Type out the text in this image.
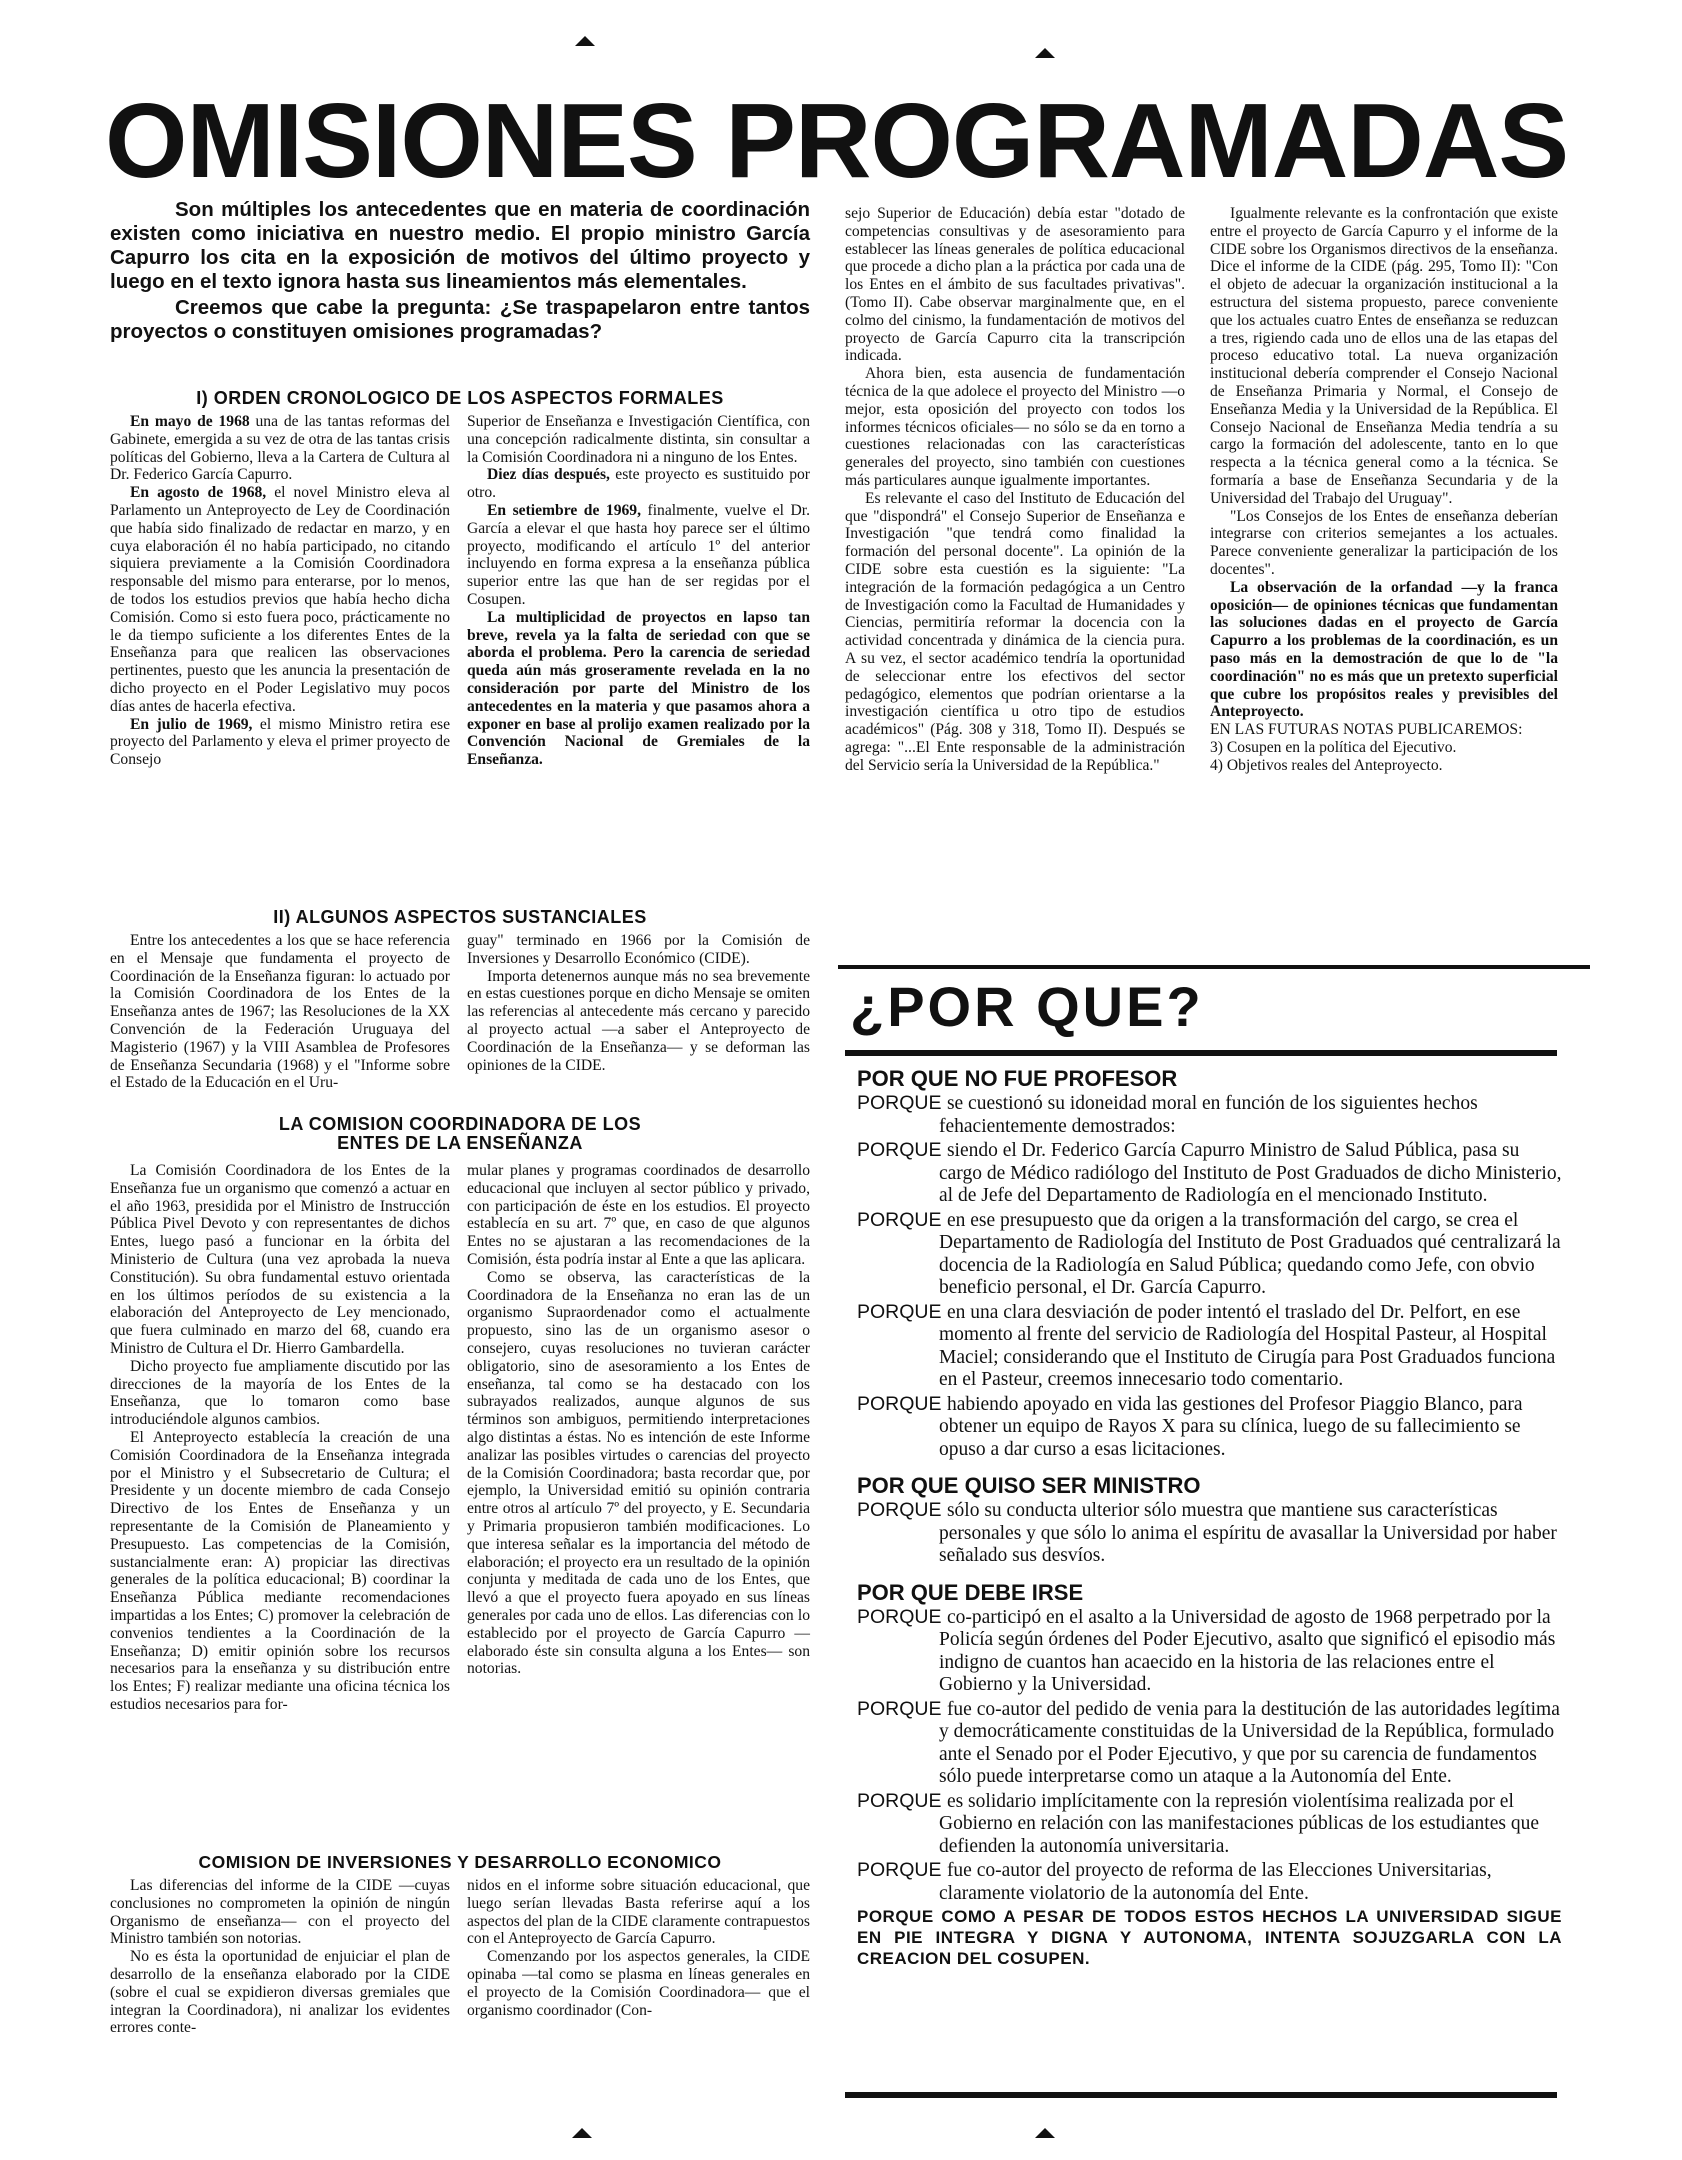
OMISIONES PROGRAMADAS

Son múltiples los antecedentes que en materia de coordinación existen como iniciativa en nuestro medio. El propio ministro García Capurro los cita en la exposición de motivos del último proyecto y luego en el texto ignora hasta sus lineamientos más elementales.

Creemos que cabe la pregunta: ¿Se traspapelaron entre tantos proyectos o constituyen omisiones programadas?

I) ORDEN CRONOLOGICO DE LOS ASPECTOS FORMALES

En mayo de 1968 una de las tantas reformas del Gabinete, emergida a su vez de otra de las tantas crisis políticas del Gobierno, lleva a la Cartera de Cultura al Dr. Federico García Capurro.

En agosto de 1968, el novel Ministro eleva al Parlamento un Anteproyecto de Ley de Coordinación que había sido finalizado de redactar en marzo, y en cuya elaboración él no había participado, no citando siquiera previamente a la Comisión Coordinadora responsable del mismo para enterarse, por lo menos, de todos los estudios previos que había hecho dicha Comisión. Como si esto fuera poco, prácticamente no le da tiempo suficiente a los diferentes Entes de la Enseñanza para que realicen las observaciones pertinentes, puesto que les anuncia la presentación de dicho proyecto en el Poder Legislativo muy pocos días antes de hacerla efectiva.

En julio de 1969, el mismo Ministro retira ese proyecto del Parlamento y eleva el primer proyecto de Consejo

Superior de Enseñanza e Investigación Científica, con una concepción radicalmente distinta, sin consultar a la Comisión Coordinadora ni a ninguno de los Entes.

Diez días después, este proyecto es sustituido por otro.

En setiembre de 1969, finalmente, vuelve el Dr. García a elevar el que hasta hoy parece ser el último proyecto, modificando el artículo 1º del anterior incluyendo en forma expresa a la enseñanza pública superior entre las que han de ser regidas por el Cosupen.

La multiplicidad de proyectos en lapso tan breve, revela ya la falta de seriedad con que se aborda el problema. Pero la carencia de seriedad queda aún más groseramente revelada en la no consideración por parte del Ministro de los antecedentes en la materia y que pasamos ahora a exponer en base al prolijo examen realizado por la Convención Nacional de Gremiales de la Enseñanza.

II) ALGUNOS ASPECTOS SUSTANCIALES

Entre los antecedentes a los que se hace referencia en el Mensaje que fundamenta el proyecto de Coordinación de la Enseñanza figuran: lo actuado por la Comisión Coordinadora de los Entes de la Enseñanza antes de 1967; las Resoluciones de la XX Convención de la Federación Uruguaya del Magisterio (1967) y la VIII Asamblea de Profesores de Enseñanza Secundaria (1968) y el "Informe sobre el Estado de la Educación en el Uru-

guay" terminado en 1966 por la Comisión de Inversiones y Desarrollo Económico (CIDE).

Importa detenernos aunque más no sea brevemente en estas cuestiones porque en dicho Mensaje se omiten las referencias al antecedente más cercano y parecido al proyecto actual —a saber el Anteproyecto de Coordinación de la Enseñanza— y se deforman las opiniones de la CIDE.

LA COMISION COORDINADORA DE LOS ENTES DE LA ENSEÑANZA

La Comisión Coordinadora de los Entes de la Enseñanza fue un organismo que comenzó a actuar en el año 1963, presidida por el Ministro de Instrucción Pública Pivel Devoto y con representantes de dichos Entes, luego pasó a funcionar en la órbita del Ministerio de Cultura (una vez aprobada la nueva Constitución). Su obra fundamental estuvo orientada en los últimos períodos de su existencia a la elaboración del Anteproyecto de Ley mencionado, que fuera culminado en marzo del 68, cuando era Ministro de Cultura el Dr. Hierro Gambardella.

Dicho proyecto fue ampliamente discutido por las direcciones de la mayoría de los Entes de la Enseñanza, que lo tomaron como base introduciéndole algunos cambios.

El Anteproyecto establecía la creación de una Comisión Coordinadora de la Enseñanza integrada por el Ministro y el Subsecretario de Cultura; el Presidente y un docente miembro de cada Consejo Directivo de los Entes de Enseñanza y un representante de la Comisión de Planeamiento y Presupuesto. Las competencias de la Comisión, sustancialmente eran: A) propiciar las directivas generales de la política educacional; B) coordinar la Enseñanza Pública mediante recomendaciones impartidas a los Entes; C) promover la celebración de convenios tendientes a la Coordinación de la Enseñanza; D) emitir opinión sobre los recursos necesarios para la enseñanza y su distribución entre los Entes; F) realizar mediante una oficina técnica los estudios necesarios para for-

mular planes y programas coordinados de desarrollo educacional que incluyen al sector público y privado, con participación de éste en los estudios. El proyecto establecía en su art. 7º que, en caso de que algunos Entes no se ajustaran a las recomendaciones de la Comisión, ésta podría instar al Ente a que las aplicara.

Como se observa, las características de la Coordinadora de la Enseñanza no eran las de un organismo Supraordenador como el actualmente propuesto, sino las de un organismo asesor o consejero, cuyas resoluciones no tuvieran carácter obligatorio, sino de asesoramiento a los Entes de enseñanza, tal como se ha destacado con los subrayados realizados, aunque algunos de sus términos son ambiguos, permitiendo interpretaciones algo distintas a éstas. No es intención de este Informe analizar las posibles virtudes o carencias del proyecto de la Comisión Coordinadora; basta recordar que, por ejemplo, la Universidad emitió su opinión contraria entre otros al artículo 7º del proyecto, y E. Secundaria y Primaria propusieron también modificaciones. Lo que interesa señalar es la importancia del método de elaboración; el proyecto era un resultado de la opinión conjunta y meditada de cada uno de los Entes, que llevó a que el proyecto fuera apoyado en sus líneas generales por cada uno de ellos. Las diferencias con lo establecido por el proyecto de García Capurro —elaborado éste sin consulta alguna a los Entes— son notorias.

COMISION DE INVERSIONES Y DESARROLLO ECONOMICO

Las diferencias del informe de la CIDE —cuyas conclusiones no comprometen la opinión de ningún Organismo de enseñanza— con el proyecto del Ministro también son notorias.

No es ésta la oportunidad de enjuiciar el plan de desarrollo de la enseñanza elaborado por la CIDE (sobre el cual se expidieron diversas gremiales que integran la Coordinadora), ni analizar los evidentes errores conte-

nidos en el informe sobre situación educacional, que luego serían llevadas Basta referirse aquí a los aspectos del plan de la CIDE claramente contrapuestos con el Anteproyecto de García Capurro.

Comenzando por los aspectos generales, la CIDE opinaba —tal como se plasma en líneas generales en el proyecto de la Comisión Coordinadora— que el organismo coordinador (Con-

sejo Superior de Educación) debía estar "dotado de competencias consultivas y de asesoramiento para establecer las líneas generales de política educacional que procede a dicho plan a la práctica por cada una de los Entes en el ámbito de sus facultades privativas". (Tomo II). Cabe observar marginalmente que, en el colmo del cinismo, la fundamentación de motivos del proyecto de García Capurro cita la transcripción indicada.

Ahora bien, esta ausencia de fundamentación técnica de la que adolece el proyecto del Ministro —o mejor, esta oposición del proyecto con todos los informes técnicos oficiales— no sólo se da en torno a cuestiones relacionadas con las características generales del proyecto, sino también con cuestiones más particulares aunque igualmente importantes.

Es relevante el caso del Instituto de Educación del que "dispondrá" el Consejo Superior de Enseñanza e Investigación "que tendrá como finalidad la formación del personal docente". La opinión de la CIDE sobre esta cuestión es la siguiente: "La integración de la formación pedagógica a un Centro de Investigación como la Facultad de Humanidades y Ciencias, permitiría reformar la docencia con la actividad concentrada y dinámica de la ciencia pura. A su vez, el sector académico tendría la oportunidad de seleccionar entre los efectivos del sector pedagógico, elementos que podrían orientarse a la investigación científica u otro tipo de estudios académicos" (Pág. 308 y 318, Tomo II). Después se agrega: "...El Ente responsable de la administración del Servicio sería la Universidad de la República."

Igualmente relevante es la confrontación que existe entre el proyecto de García Capurro y el informe de la CIDE sobre los Organismos directivos de la enseñanza. Dice el informe de la CIDE (pág. 295, Tomo II): "Con el objeto de adecuar la organización institucional a la estructura del sistema propuesto, parece conveniente que los actuales cuatro Entes de enseñanza se reduzcan a tres, rigiendo cada uno de ellos una de las etapas del proceso educativo total. La nueva organización institucional debería comprender el Consejo Nacional de Enseñanza Primaria y Normal, el Consejo de Enseñanza Media y la Universidad de la República. El Consejo Nacional de Enseñanza Media tendría a su cargo la formación del adolescente, tanto en lo que respecta a la técnica general como a la técnica. Se formaría a base de Enseñanza Secundaria y de la Universidad del Trabajo del Uruguay".

"Los Consejos de los Entes de enseñanza deberían integrarse con criterios semejantes a los actuales. Parece conveniente generalizar la participación de los docentes".

La observación de la orfandad —y la franca oposición— de opiniones técnicas que fundamentan las soluciones dadas en el proyecto de García Capurro a los problemas de la coordinación, es un paso más en la demostración de que lo de "la coordinación" no es más que un pretexto superficial que cubre los propósitos reales y previsibles del Anteproyecto.

EN LAS FUTURAS NOTAS PUBLICAREMOS:

3) Cosupen en la política del Ejecutivo.
4) Objetivos reales del Anteproyecto.
¿POR QUE?
POR QUE NO FUE PROFESOR

PORQUE se cuestionó su idoneidad moral en función de los siguientes hechos fehacientemente demostrados:

PORQUE siendo el Dr. Federico García Capurro Ministro de Salud Pública, pasa su cargo de Médico radiólogo del Instituto de Post Graduados de dicho Ministerio, al de Jefe del Departamento de Radiología en el mencionado Instituto.

PORQUE en ese presupuesto que da origen a la transformación del cargo, se crea el Departamento de Radiología del Instituto de Post Graduados qué centralizará la docencia de la Radiología en Salud Pública; quedando como Jefe, con obvio beneficio personal, el Dr. García Capurro.

PORQUE en una clara desviación de poder intentó el traslado del Dr. Pelfort, en ese momento al frente del servicio de Radiología del Hospital Pasteur, al Hospital Maciel; considerando que el Instituto de Cirugía para Post Graduados funciona en el Pasteur, creemos innecesario todo comentario.

PORQUE habiendo apoyado en vida las gestiones del Profesor Piaggio Blanco, para obtener un equipo de Rayos X para su clínica, luego de su fallecimiento se opuso a dar curso a esas licitaciones.

POR QUE QUISO SER MINISTRO

PORQUE sólo su conducta ulterior sólo muestra que mantiene sus características personales y que sólo lo anima el espíritu de avasallar la Universidad por haber señalado sus desvíos.

POR QUE DEBE IRSE

PORQUE co-participó en el asalto a la Universidad de agosto de 1968 perpetrado por la Policía según órdenes del Poder Ejecutivo, asalto que significó el episodio más indigno de cuantos han acaecido en la historia de las relaciones entre el Gobierno y la Universidad.

PORQUE fue co-autor del pedido de venia para la destitución de las autoridades legítima y democráticamente constituidas de la Universidad de la República, formulado ante el Senado por el Poder Ejecutivo, y que por su carencia de fundamentos sólo puede interpretarse como un ataque a la Autonomía del Ente.

PORQUE es solidario implícitamente con la represión violentísima realizada por el Gobierno en relación con las manifestaciones públicas de los estudiantes que defienden la autonomía universitaria.

PORQUE fue co-autor del proyecto de reforma de las Elecciones Universitarias, claramente violatorio de la autonomía del Ente.

PORQUE COMO A PESAR DE TODOS ESTOS HECHOS LA UNIVERSIDAD SIGUE EN PIE INTEGRA Y DIGNA Y AUTONOMA, INTENTA SOJUZGARLA CON LA CREACION DEL COSUPEN.
